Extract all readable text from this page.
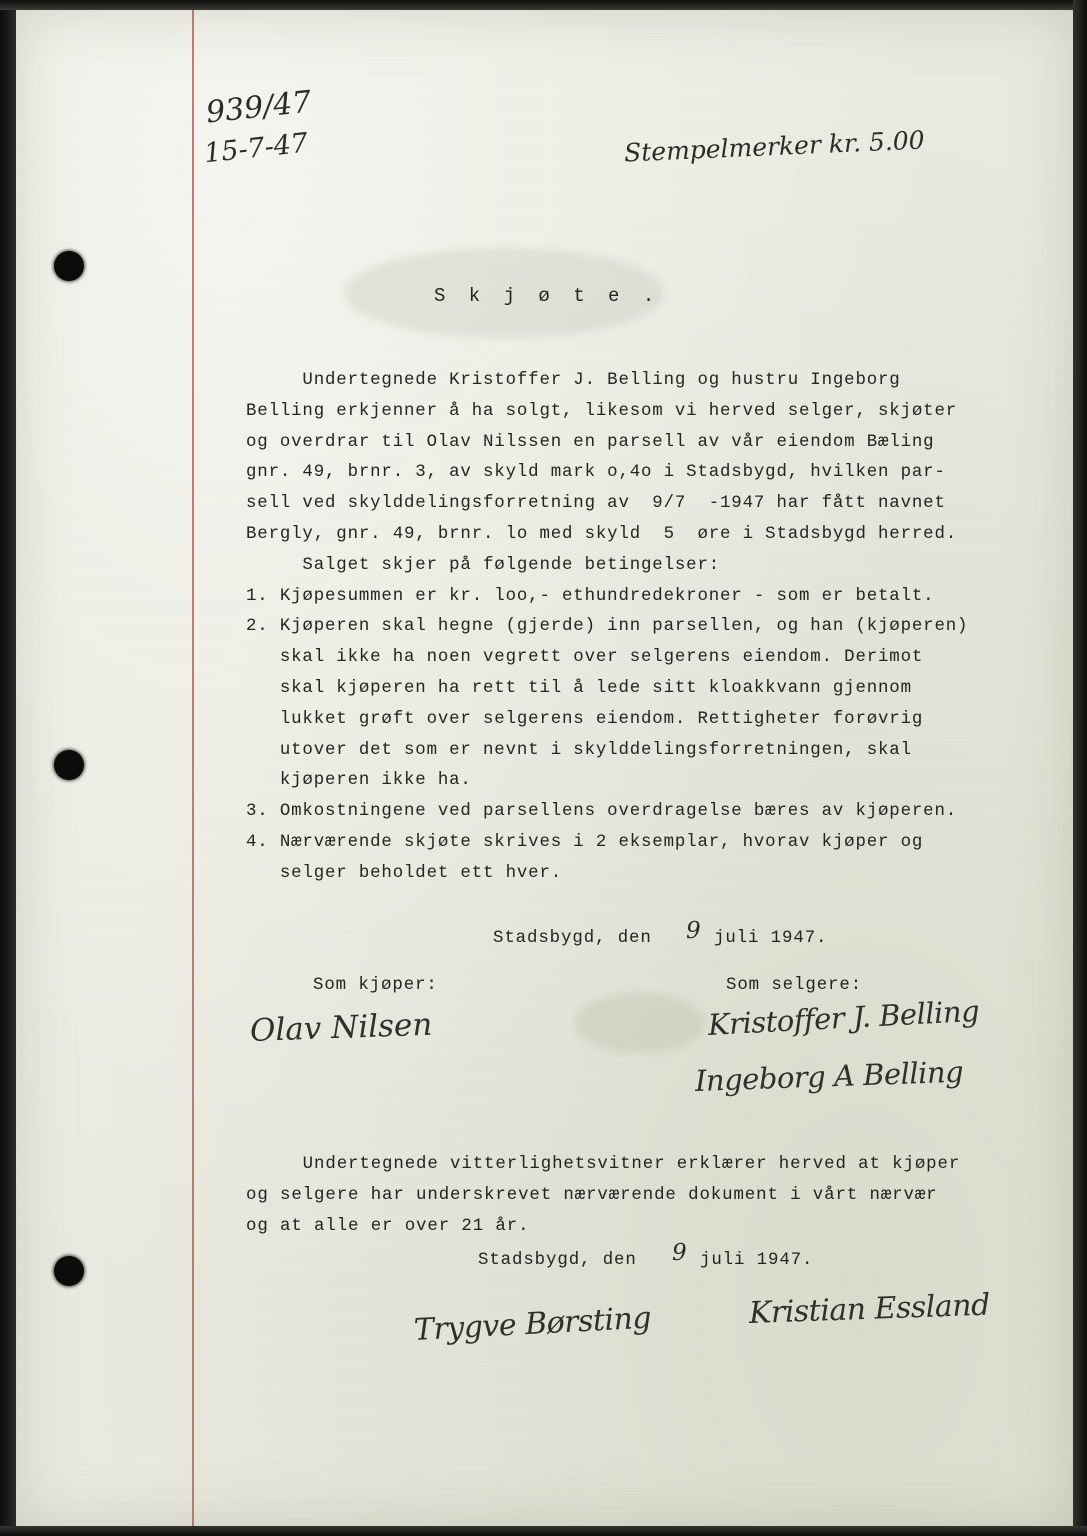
939/47
15-7-47	Stempelmerker kr. 5.00
S k j ø t e .
Undertegnede Kristoffer J. Belling og hustru Ingeborg
Belling erkjenner å ha solgt, likesom vi herved selger, skjøter
og overdrar til Olav Nilssen en parsell av vår eiendom Bæling
gnr. 49, brnr. 3, av skyld mark o,4o i Stadsbygd, hvilken par-
sell ved skylddelingsforretning av  9/7  -1947 har fått navnet
Bergly, gnr. 49, brnr. lo med skyld  5  øre i Stadsbygd herred.
Salget skjer på følgende betingelser:
1. Kjøpesummen er kr. loo,- ethundredekroner - som er betalt.
2. Kjøperen skal hegne (gjerde) inn parsellen, og han (kjøperen)
skal ikke ha noen vegrett over selgerens eiendom. Derimot
skal kjøperen ha rett til å lede sitt kloakkvann gjennom
lukket grøft over selgerens eiendom. Rettigheter forøvrig
utover det som er nevnt i skylddelingsforretningen, skal
kjøperen ikke ha.
3. Omkostningene ved parsellens overdragelse bæres av kjøperen.
4. Nærværende skjøte skrives i 2 eksemplar, hvorav kjøper og
selger beholdet ett hver.
Stadsbygd, den 9 juli 1947.
Som kjøper:	Som selgere:
Olav Nilsen	Kristoffer J. Belling
Ingeborg A Belling
Undertegnede vitterlighetsvitner erklærer herved at kjøper
og selgere har underskrevet nærværende dokument i vårt nærvær
og at alle er over 21 år.
Stadsbygd, den 9 juli 1947.
Trygve Børsting	Kristian Essland
